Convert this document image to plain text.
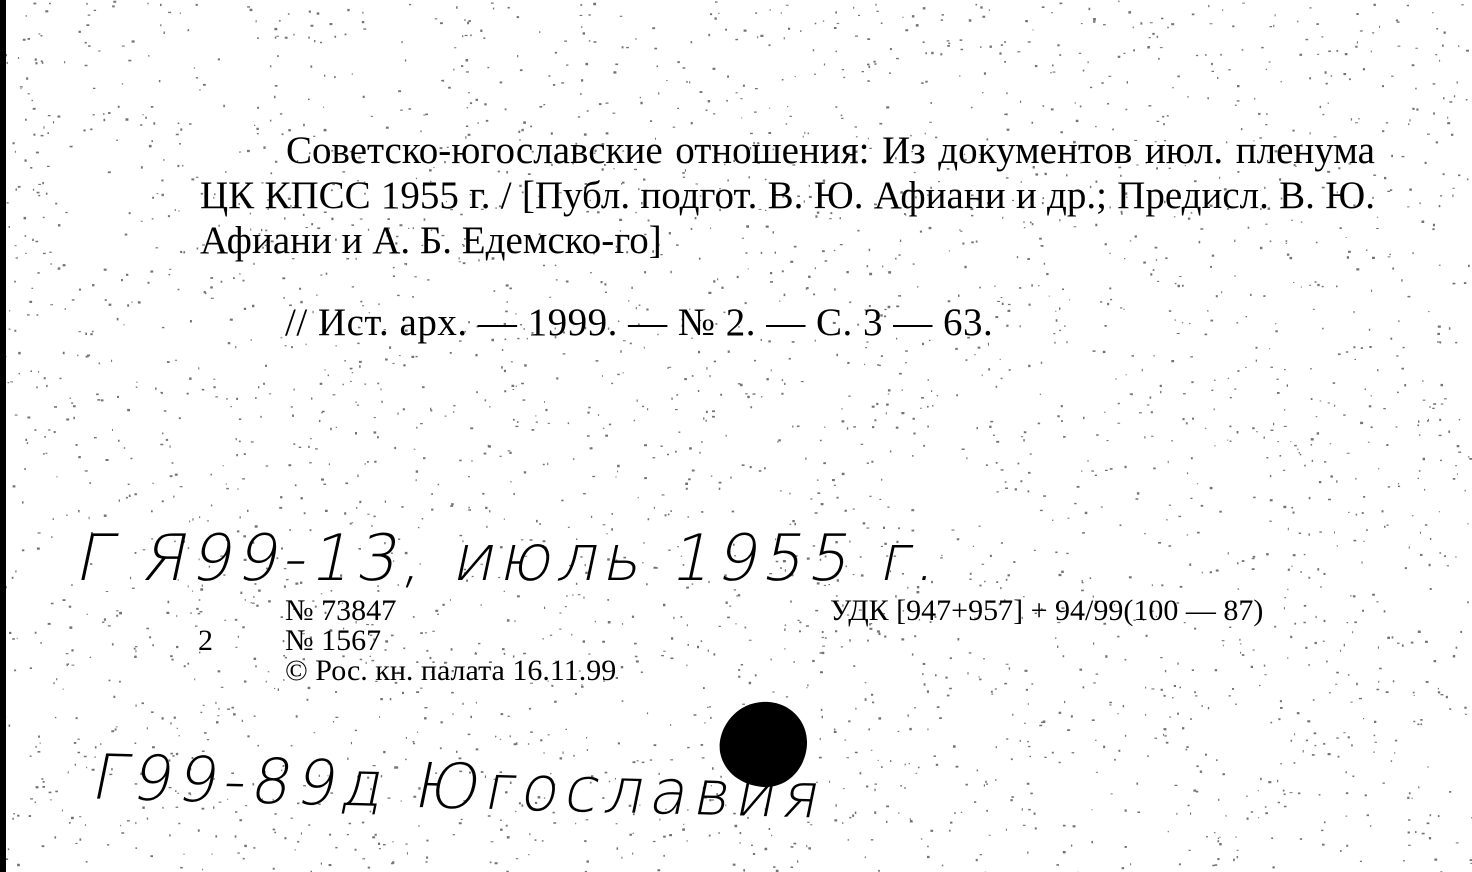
Советско-югославские отношения: Из документов июл. пленума ЦК КПСС 1955 г. / [Публ. подгот. В. Ю. Афиани и др.; Предисл. В. Ю. Афиани и А. Б. Едемско-го]
// Ист. арх. — 1999. — № 2. — С. 3 — 63.
Г Я99-13, июль 1955 г.
№ 73847
2 № 1567
© Рос. кн. палата 16.11.99
УДК [947+957] + 94/99(100 — 87)
Г99-89д Югославия
